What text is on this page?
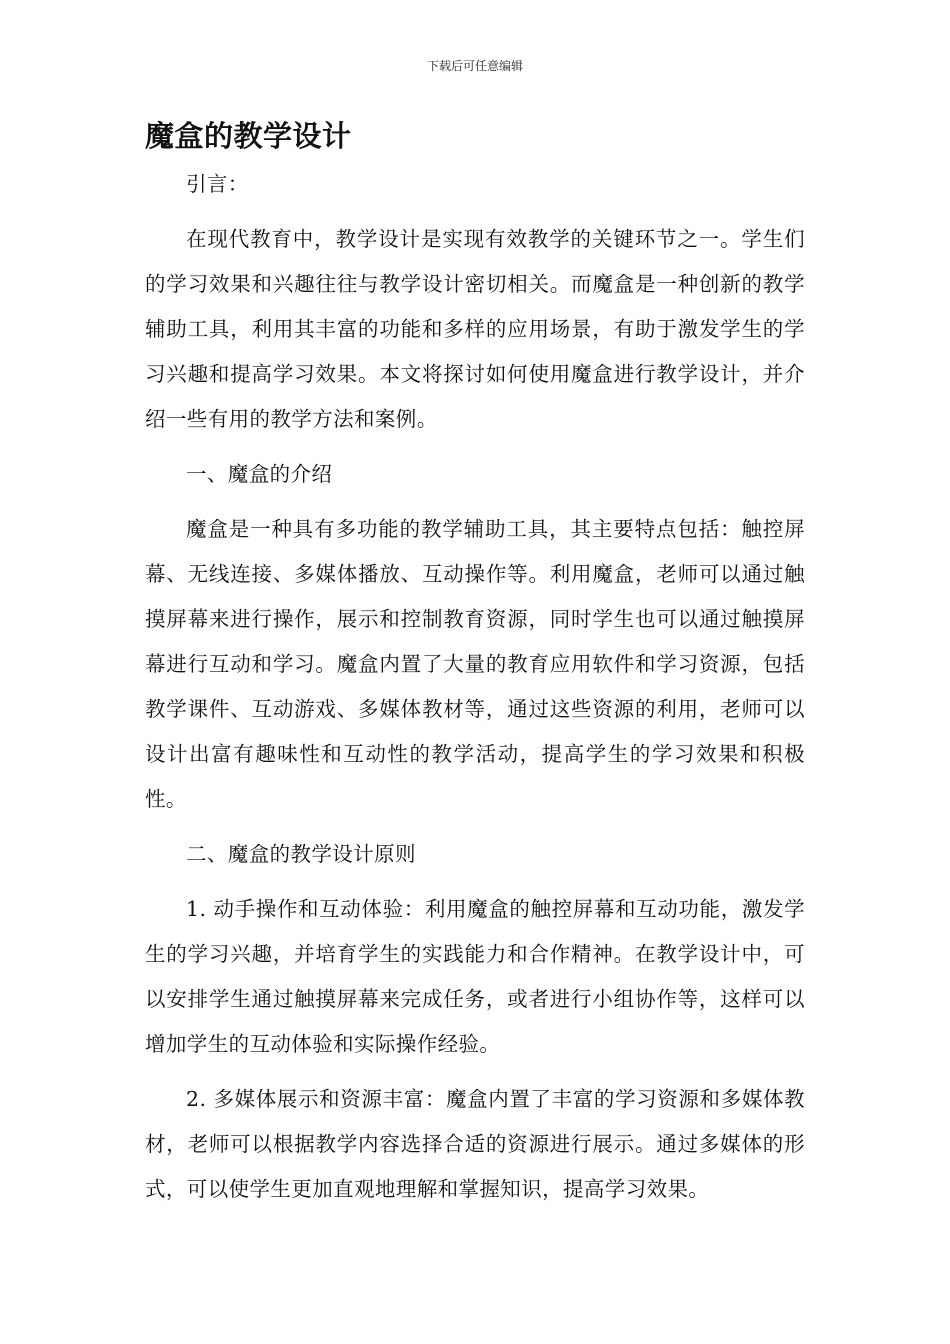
下载后可任意编辑
魔盒的教学设计

引言：

在现代教育中，教学设计是实现有效教学的关键环节之一。学生们的学习效果和兴趣往往与教学设计密切相关。而魔盒是一种创新的教学辅助工具，利用其丰富的功能和多样的应用场景，有助于激发学生的学习兴趣和提高学习效果。本文将探讨如何使用魔盒进行教学设计，并介绍一些有用的教学方法和案例。

一、魔盒的介绍

魔盒是一种具有多功能的教学辅助工具，其主要特点包括：触控屏幕、无线连接、多媒体播放、互动操作等。利用魔盒，老师可以通过触摸屏幕来进行操作，展示和控制教育资源，同时学生也可以通过触摸屏幕进行互动和学习。魔盒内置了大量的教育应用软件和学习资源，包括教学课件、互动游戏、多媒体教材等，通过这些资源的利用，老师可以设计出富有趣味性和互动性的教学活动，提高学生的学习效果和积极性。

二、魔盒的教学设计原则

1. 动手操作和互动体验：利用魔盒的触控屏幕和互动功能，激发学生的学习兴趣，并培育学生的实践能力和合作精神。在教学设计中，可以安排学生通过触摸屏幕来完成任务，或者进行小组协作等，这样可以增加学生的互动体验和实际操作经验。

2. 多媒体展示和资源丰富：魔盒内置了丰富的学习资源和多媒体教材，老师可以根据教学内容选择合适的资源进行展示。通过多媒体的形式，可以使学生更加直观地理解和掌握知识，提高学习效果。
